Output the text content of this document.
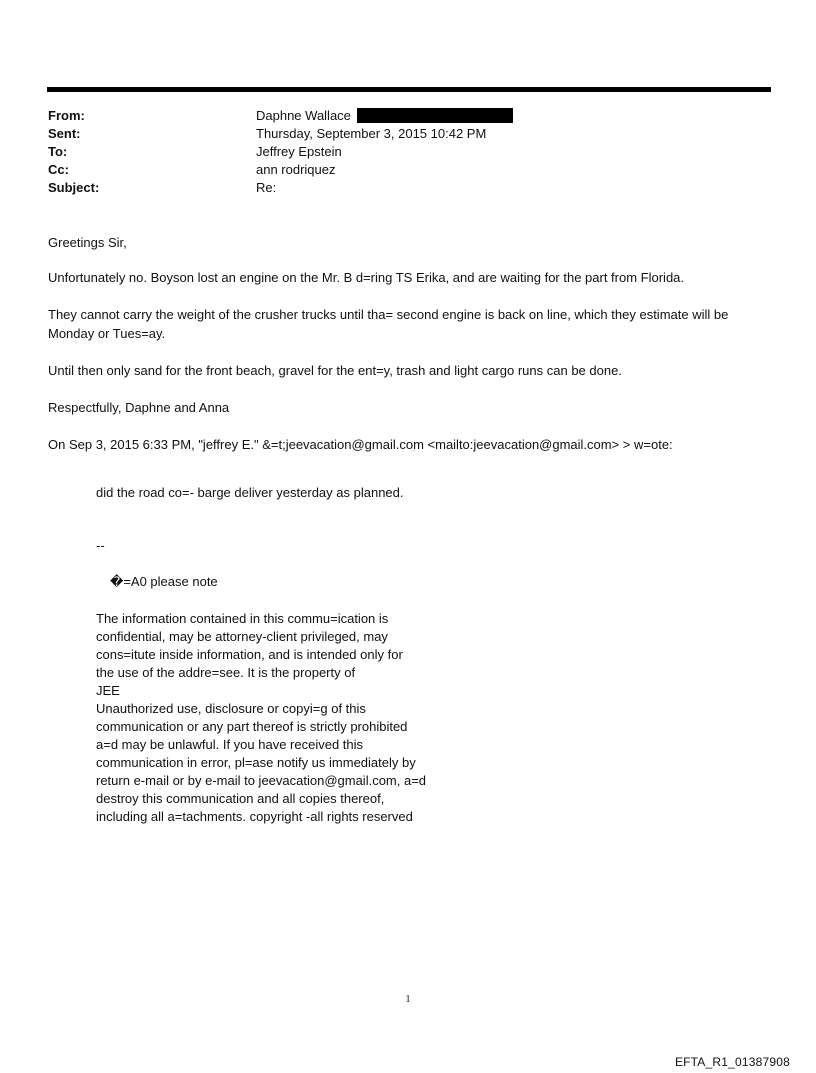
From:	Daphne Wallace
Sent:	Thursday, September 3, 2015 10:42 PM
To:	Jeffrey Epstein
Cc:	ann rodriquez
Subject:	Re:

Greetings Sir,

Unfortunately no. Boyson lost an engine on the Mr. B d=ring TS Erika, and are waiting for the part from Florida.

They cannot carry the weight of the crusher trucks until tha= second engine is back on line, which they estimate will be Monday or Tues=ay.

Until then only sand for the front beach, gravel for the ent=y, trash and light cargo runs can be done.

Respectfully, Daphne and Anna

On Sep 3, 2015 6:33 PM, "jeffrey E." &=t;jeevacation@gmail.com <mailto:jeevacation@gmail.com> > w=ote:

did the road co=- barge deliver yesterday as planned.

--
�=A0 please note
The information contained in this commu=ication is
confidential, may be attorney-client privileged, may
cons=itute inside information, and is intended only for
the use of the addre=see. It is the property of
JEE
Unauthorized use, disclosure or copyi=g of this
communication or any part thereof is strictly prohibited
a=d may be unlawful. If you have received this
communication in error, pl=ase notify us immediately by
return e-mail or by e-mail to jeevacation@gmail.com, a=d
destroy this communication and all copies thereof,
including all a=tachments. copyright -all rights reserved
1
EFTA_R1_01387908
